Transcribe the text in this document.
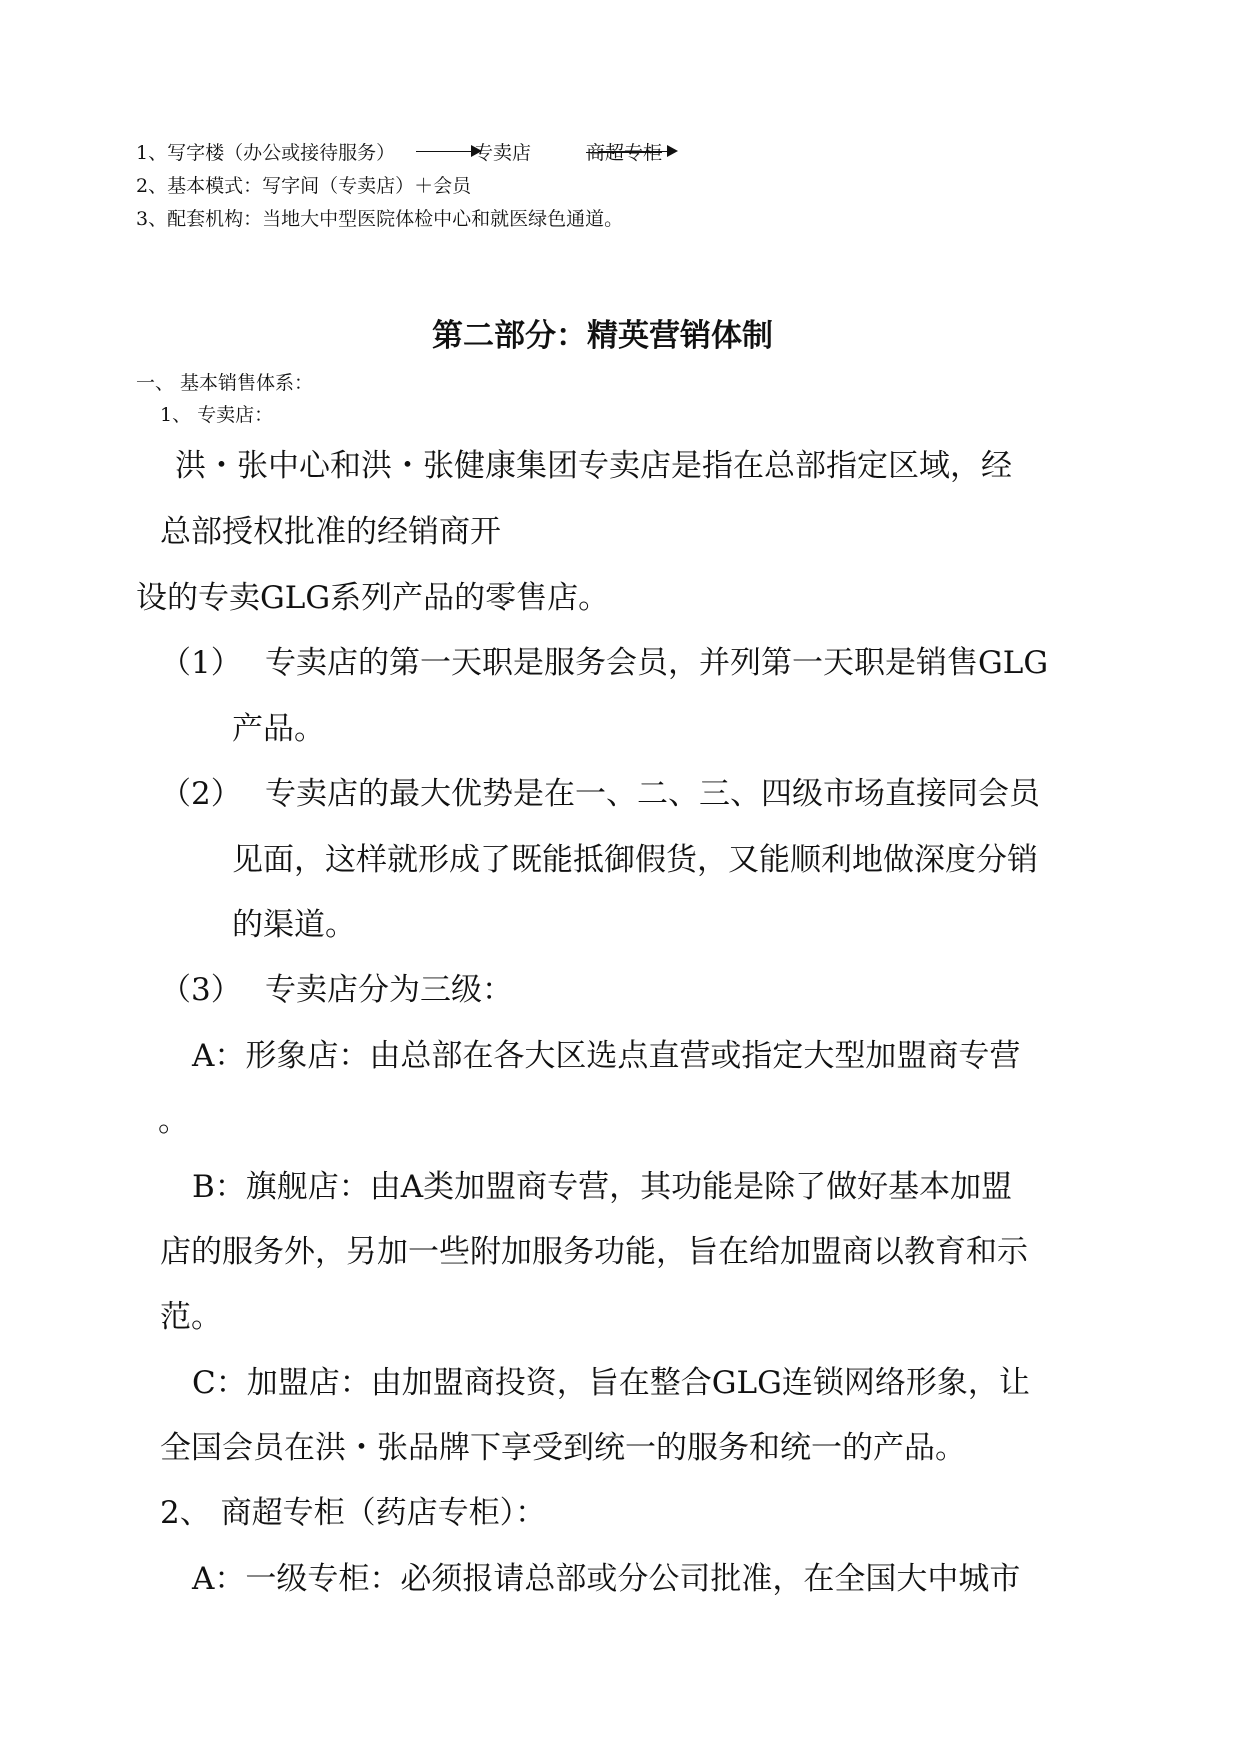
1、写字楼（办公或接待服务）	专卖店	商超专柜
2、基本模式：写字间（专卖店）＋会员
3、配套机构：当地大中型医院体检中心和就医绿色通道。
第二部分：精英营销体制
一、 基本销售体系：
1、 专卖店：
洪・张中心和洪・张健康集团专卖店是指在总部指定区域，经
总部授权批准的经销商开
设的专卖GLG系列产品的零售店。
（1） 专卖店的第一天职是服务会员，并列第一天职是销售GLG
产品。
（2） 专卖店的最大优势是在一、二、三、四级市场直接同会员
见面，这样就形成了既能抵御假货，又能顺利地做深度分销
的渠道。
（3） 专卖店分为三级：
A：形象店：由总部在各大区选点直营或指定大型加盟商专营
。
B：旗舰店：由A类加盟商专营，其功能是除了做好基本加盟
店的服务外，另加一些附加服务功能，旨在给加盟商以教育和示
范。
C：加盟店：由加盟商投资，旨在整合GLG连锁网络形象，让
全国会员在洪・张品牌下享受到统一的服务和统一的产品。
2、 商超专柜（药店专柜）：
A：一级专柜：必须报请总部或分公司批准，在全国大中城市
